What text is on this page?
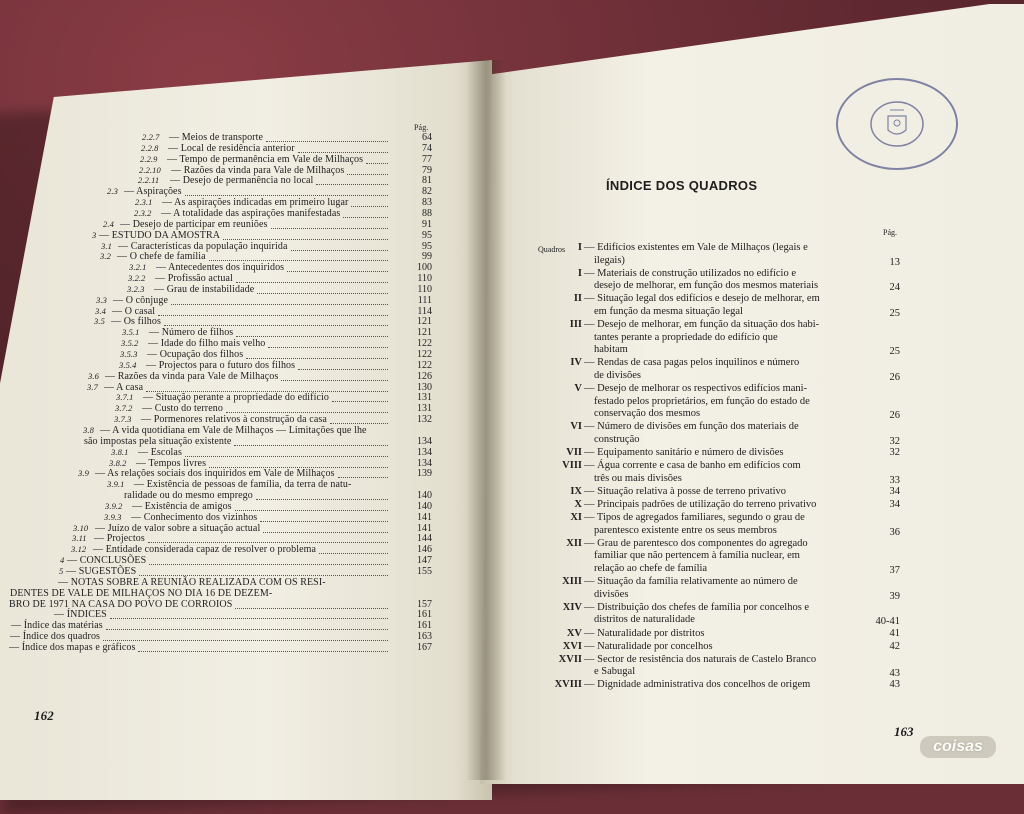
Pág.
162
2.2.7 — Meios de transporte	64
2.2.8 — Local de residência anterior	74
2.2.9 — Tempo de permanência em Vale de Milhaços	77
2.2.10 — Razões da vinda para Vale de Milhaços	79
2.2.11 — Desejo de permanência no local	81
2.3 — Aspirações	82
2.3.1 — As aspirações indicadas em primeiro lugar	83
2.3.2 — A totalidade das aspirações manifestadas	88
2.4 — Desejo de participar em reuniões	91
3 — ESTUDO DA AMOSTRA	95
3.1 — Características da população inquirida	95
3.2 — O chefe de família	99
3.2.1 — Antecedentes dos inquiridos	100
3.2.2 — Profissão actual	110
3.2.3 — Grau de instabilidade	110
3.3 — O cônjuge	111
3.4 — O casal	114
3.5 — Os filhos	121
3.5.1 — Número de filhos	121
3.5.2 — Idade do filho mais velho	122
3.5.3 — Ocupação dos filhos	122
3.5.4 — Projectos para o futuro dos filhos	122
3.6 — Razões da vinda para Vale de Milhaços	126
3.7 — A casa	130
3.7.1 — Situação perante a propriedade do edifício	131
3.7.2 — Custo do terreno	131
3.7.3 — Pormenores relativos à construção da casa	132
3.8 — A vida quotidiana em Vale de Milhaços — Limitações que lhe
são impostas pela situação existente	134
3.8.1 — Escolas	134
3.8.2 — Tempos livres	134
3.9 — As relações sociais dos inquiridos em Vale de Milhaços	139
3.9.1 — Existência de pessoas de família, da terra de natu-
ralidade ou do mesmo emprego	140
3.9.2 — Existência de amigos	140
3.9.3 — Conhecimento dos vizinhos	141
3.10 — Juízo de valor sobre a situação actual	141
3.11 — Projectos	144
3.12 — Entidade considerada capaz de resolver o problema	146
4 — CONCLUSÕES	147
5 — SUGESTÕES	155
— NOTAS SOBRE A REUNIÃO REALIZADA COM OS RESI-
DENTES DE VALE DE MILHAÇOS NO DIA 16 DE DEZEM-
BRO DE 1971 NA CASA DO POVO DE CORROIOS	157
— ÍNDICES	161
— Índice das matérias	161
— Índice dos quadros	163
— Índice dos mapas e gráficos	167
ÍNDICE DOS QUADROS
Pág.
Quadros
163
I — Edifícios existentes em Vale de Milhaços (legais e
ilegais)	13
I — Materiais de construção utilizados no edifício e
desejo de melhorar, em função dos mesmos materiais	24
II — Situação legal dos edifícios e desejo de melhorar, em
em função da mesma situação legal	25
III — Desejo de melhorar, em função da situação dos habi-
tantes perante a propriedade do edifício que
habitam	25
IV — Rendas de casa pagas pelos inquilinos e número
de divisões	26
V — Desejo de melhorar os respectivos edifícios mani-
festado pelos proprietários, em função do estado de
conservação dos mesmos	26
VI — Número de divisões em função dos materiais de
construção	32
VII — Equipamento sanitário e número de divisões	32
VIII — Água corrente e casa de banho em edifícios com
três ou mais divisões	33
IX — Situação relativa à posse de terreno privativo	34
X — Principais padrões de utilização do terreno privativo	34
XI — Tipos de agregados familiares, segundo o grau de
parentesco existente entre os seus membros	36
XII — Grau de parentesco dos componentes do agregado
familiar que não pertencem à família nuclear, em
relação ao chefe de família	37
XIII — Situação da família relativamente ao número de
divisões	39
XIV — Distribuição dos chefes de família por concelhos e
distritos de naturalidade	40-41
XV — Naturalidade por distritos	41
XVI — Naturalidade por concelhos	42
XVII — Sector de resistência dos naturais de Castelo Branco
e Sabugal	43
XVIII — Dignidade administrativa dos concelhos de origem	43
coisas
